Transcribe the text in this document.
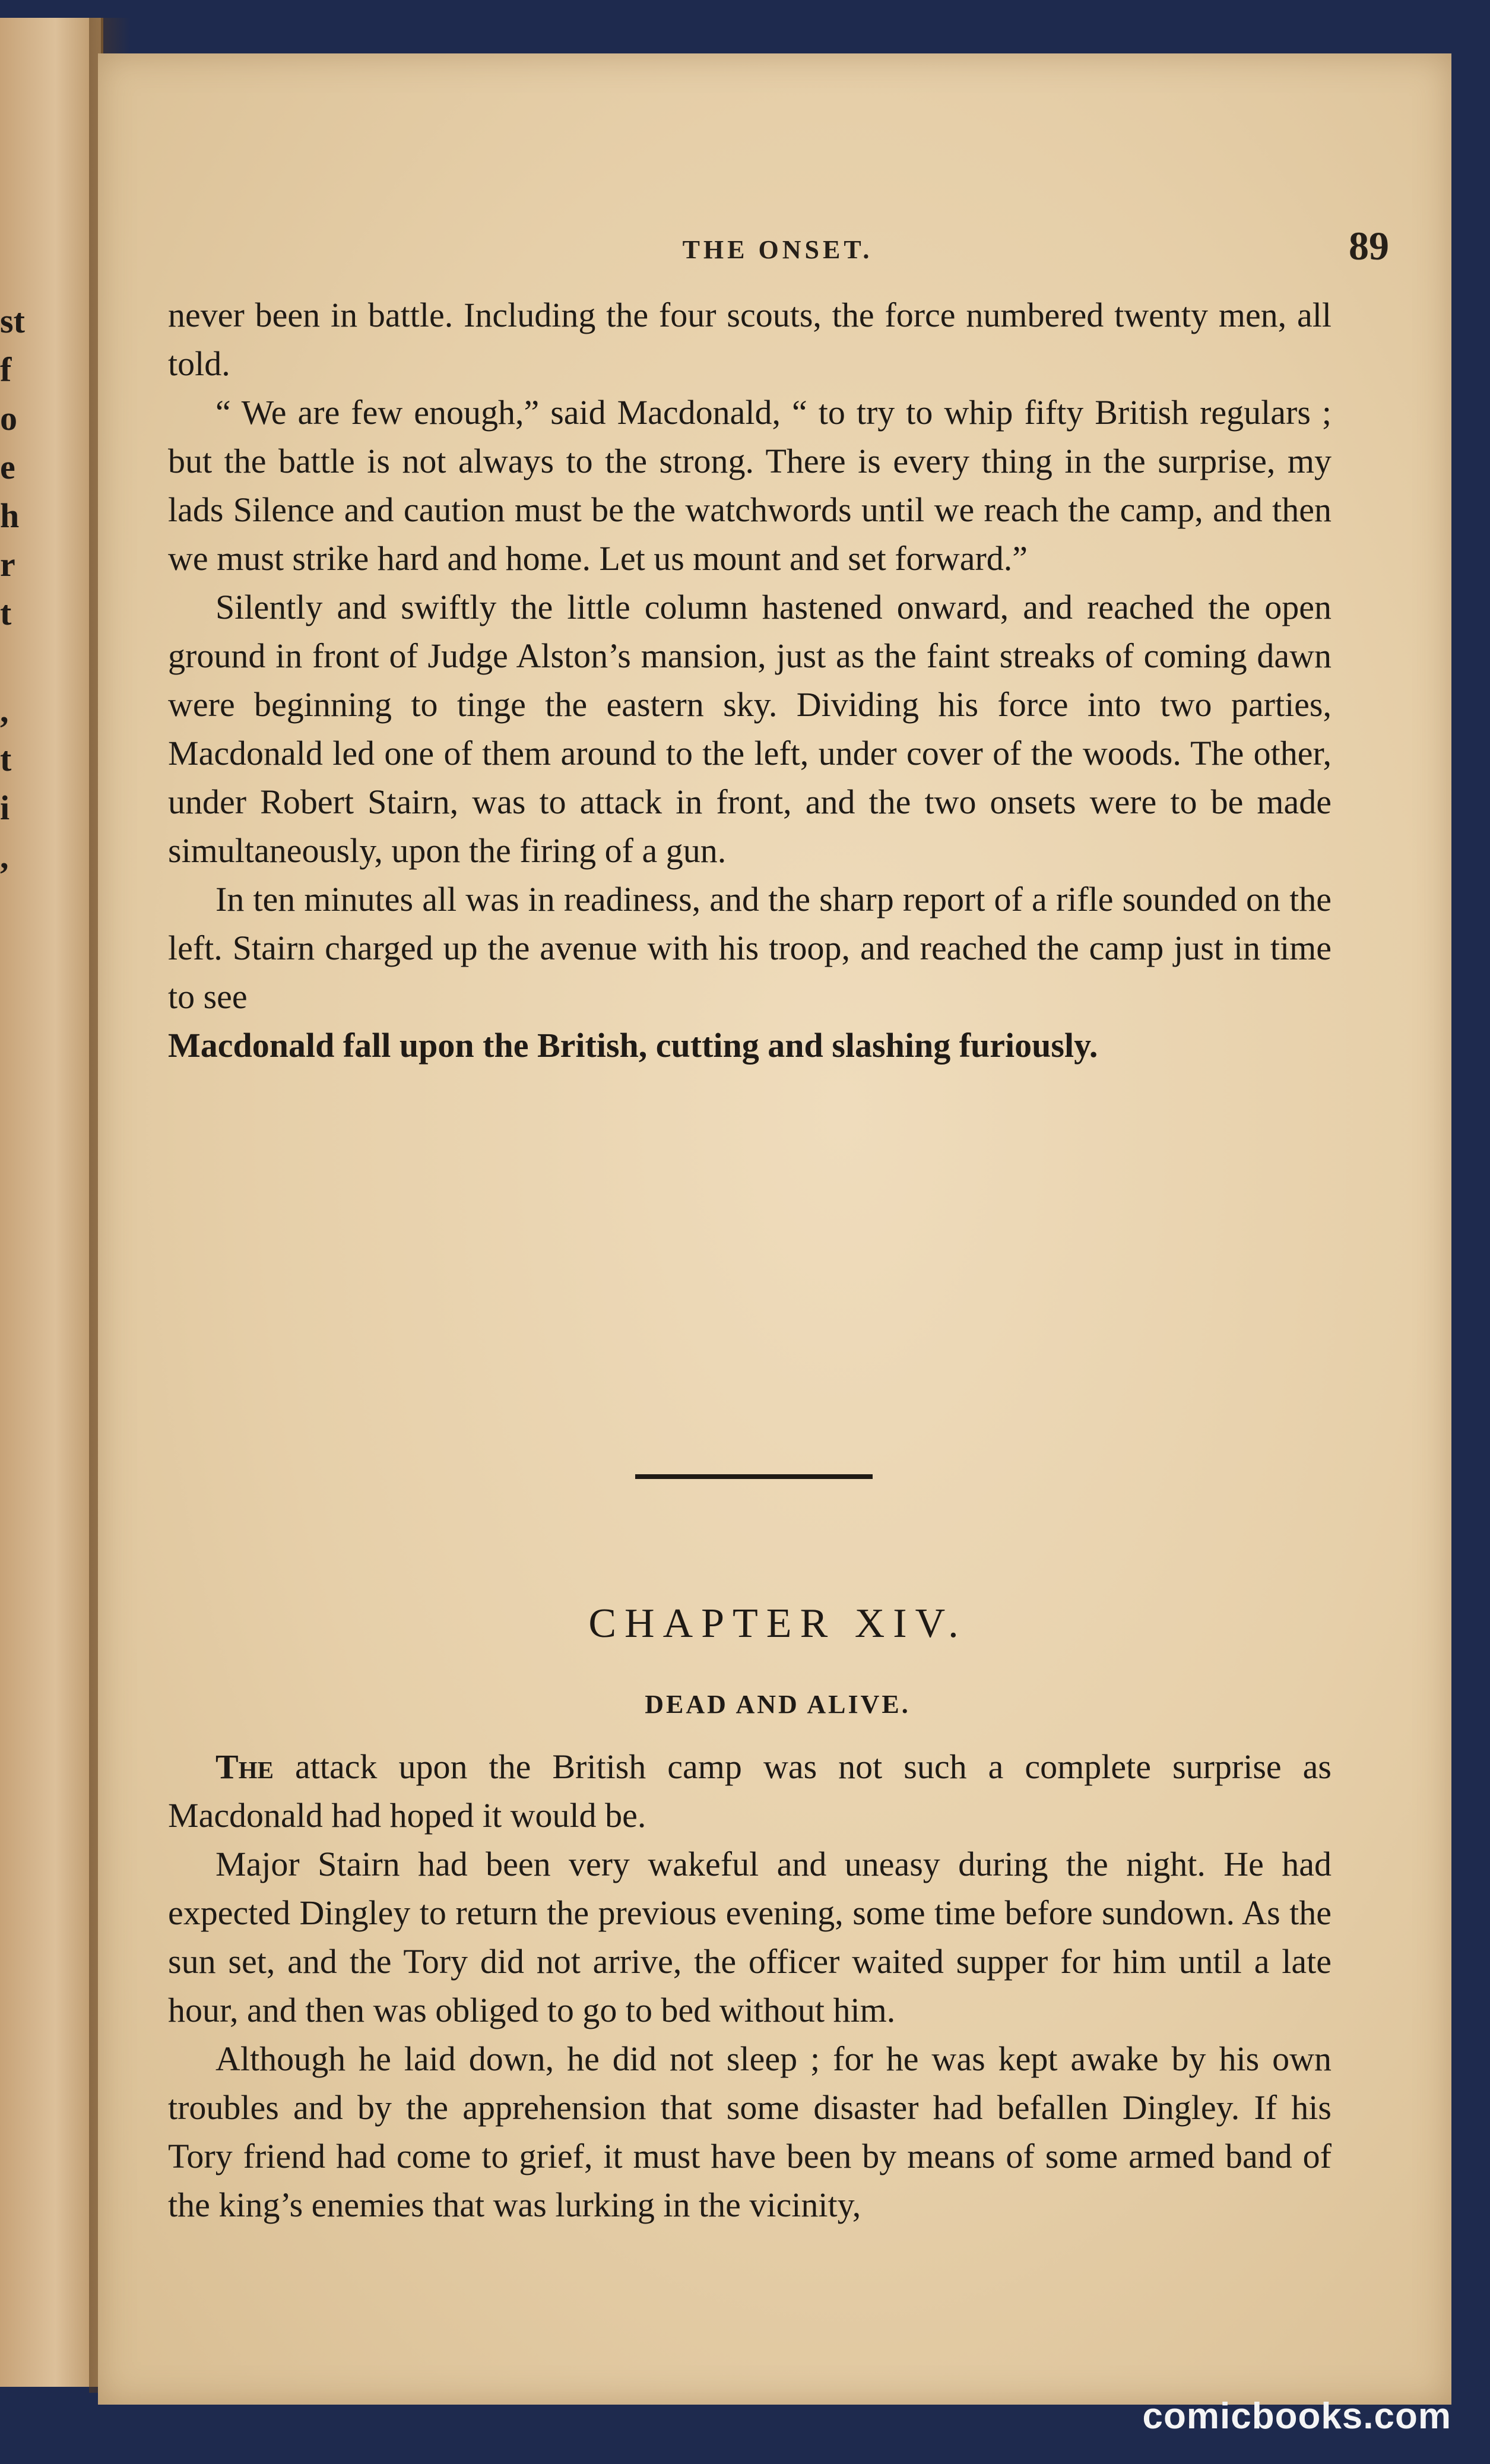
st
f
o
e
h
r
t

,
t
i
,
THE ONSET.	89

never been in battle. Including the four scouts, the force numbered twenty men, all told.

“ We are few enough,” said Macdonald, “ to try to whip fifty British regulars ; but the battle is not always to the strong. There is every thing in the surprise, my lads Silence and caution must be the watchwords until we reach the camp, and then we must strike hard and home. Let us mount and set forward.”

Silently and swiftly the little column hastened onward, and reached the open ground in front of Judge Alston’s mansion, just as the faint streaks of coming dawn were beginning to tinge the eastern sky. Dividing his force into two parties, Macdonald led one of them around to the left, under cover of the woods. The other, under Robert Stairn, was to attack in front, and the two onsets were to be made simultaneously, upon the firing of a gun.

In ten minutes all was in readiness, and the sharp report of a rifle sounded on the left. Stairn charged up the avenue with his troop, and reached the camp just in time to see

Macdonald fall upon the British, cutting and slashing furiously.

CHAPTER XIV.
DEAD AND ALIVE.

The attack upon the British camp was not such a complete surprise as Macdonald had hoped it would be.

Major Stairn had been very wakeful and uneasy during the night. He had expected Dingley to return the previous evening, some time before sundown. As the sun set, and the Tory did not arrive, the officer waited supper for him until a late hour, and then was obliged to go to bed without him.

Although he laid down, he did not sleep ; for he was kept awake by his own troubles and by the apprehension that some disaster had befallen Dingley. If his Tory friend had come to grief, it must have been by means of some armed band of the king’s enemies that was lurking in the vicinity,

comicbooks.com
